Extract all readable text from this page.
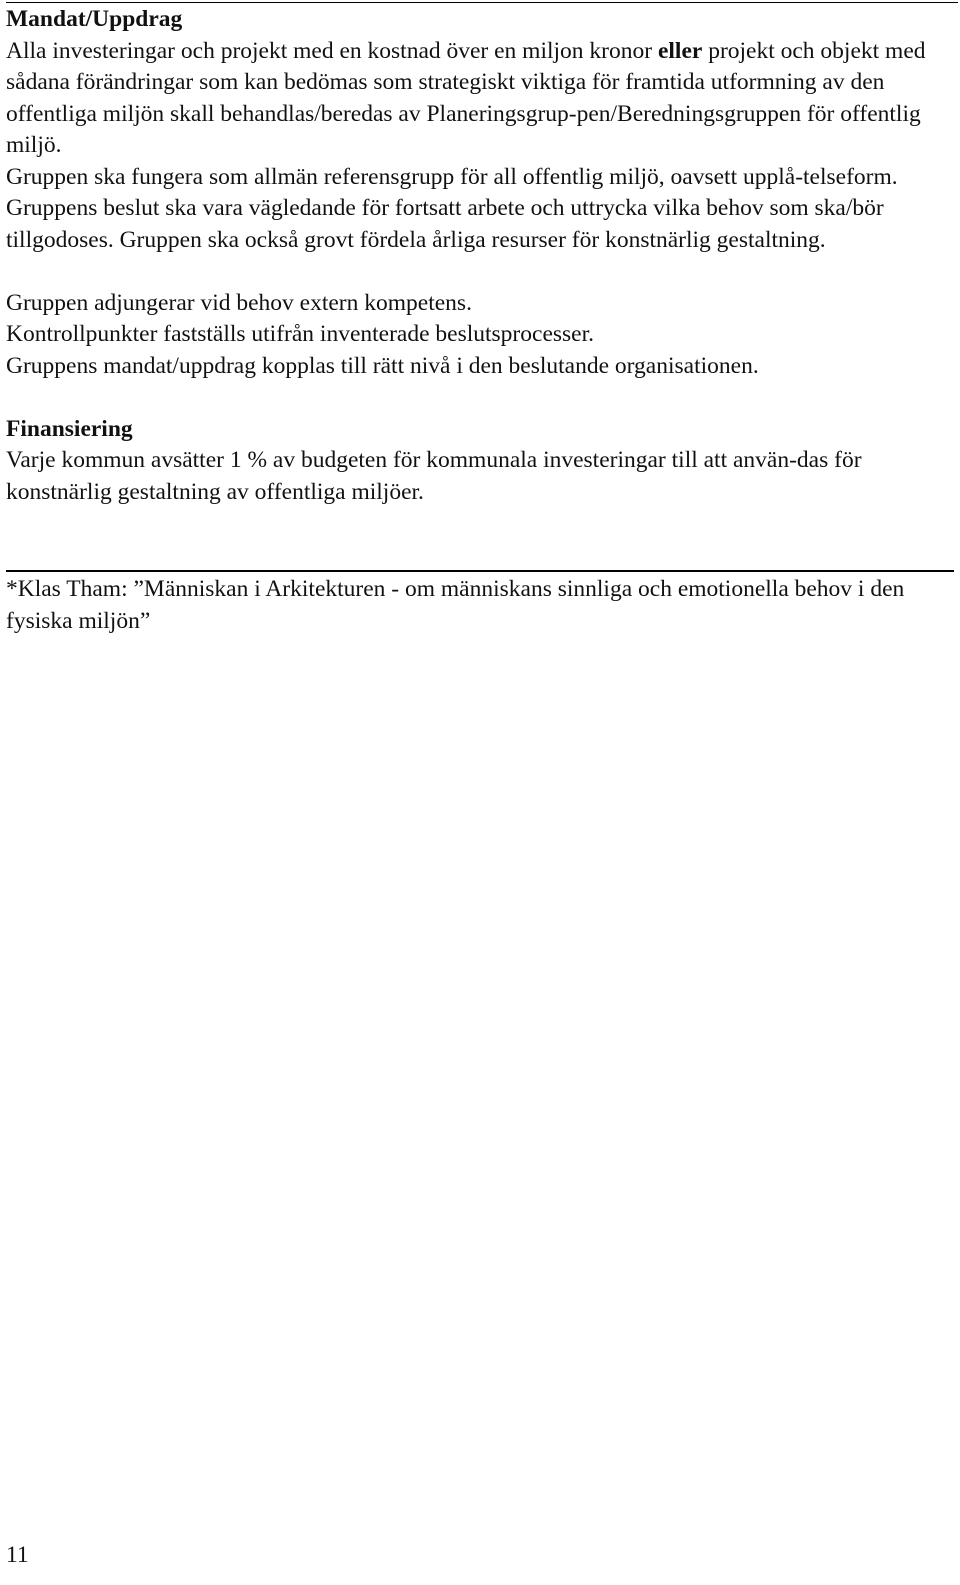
Mandat/Uppdrag
Alla investeringar och projekt med en kostnad över en miljon kronor eller projekt och objekt med sådana förändringar som kan bedömas som strategiskt viktiga för framtida utformning av den offentliga miljön skall behandlas/beredas av Planeringsgrup-pen/Beredningsgruppen för offentlig miljö.
Gruppen ska fungera som allmän referensgrupp för all offentlig miljö, oavsett upplå-telseform.
Gruppens beslut ska vara vägledande för fortsatt arbete och uttrycka vilka behov som ska/bör tillgodoses. Gruppen ska också grovt fördela årliga resurser för konstnärlig gestaltning.
Gruppen adjungerar vid behov extern kompetens.
Kontrollpunkter fastställs utifrån inventerade beslutsprocesser.
Gruppens mandat/uppdrag kopplas till rätt nivå i den beslutande organisationen.
Finansiering
Varje kommun avsätter 1 % av budgeten för kommunala investeringar till att använ-das för konstnärlig gestaltning av offentliga miljöer.
*Klas Tham: ”Människan i Arkitekturen - om människans sinnliga och emotionella behov i den fysiska miljön”
11
